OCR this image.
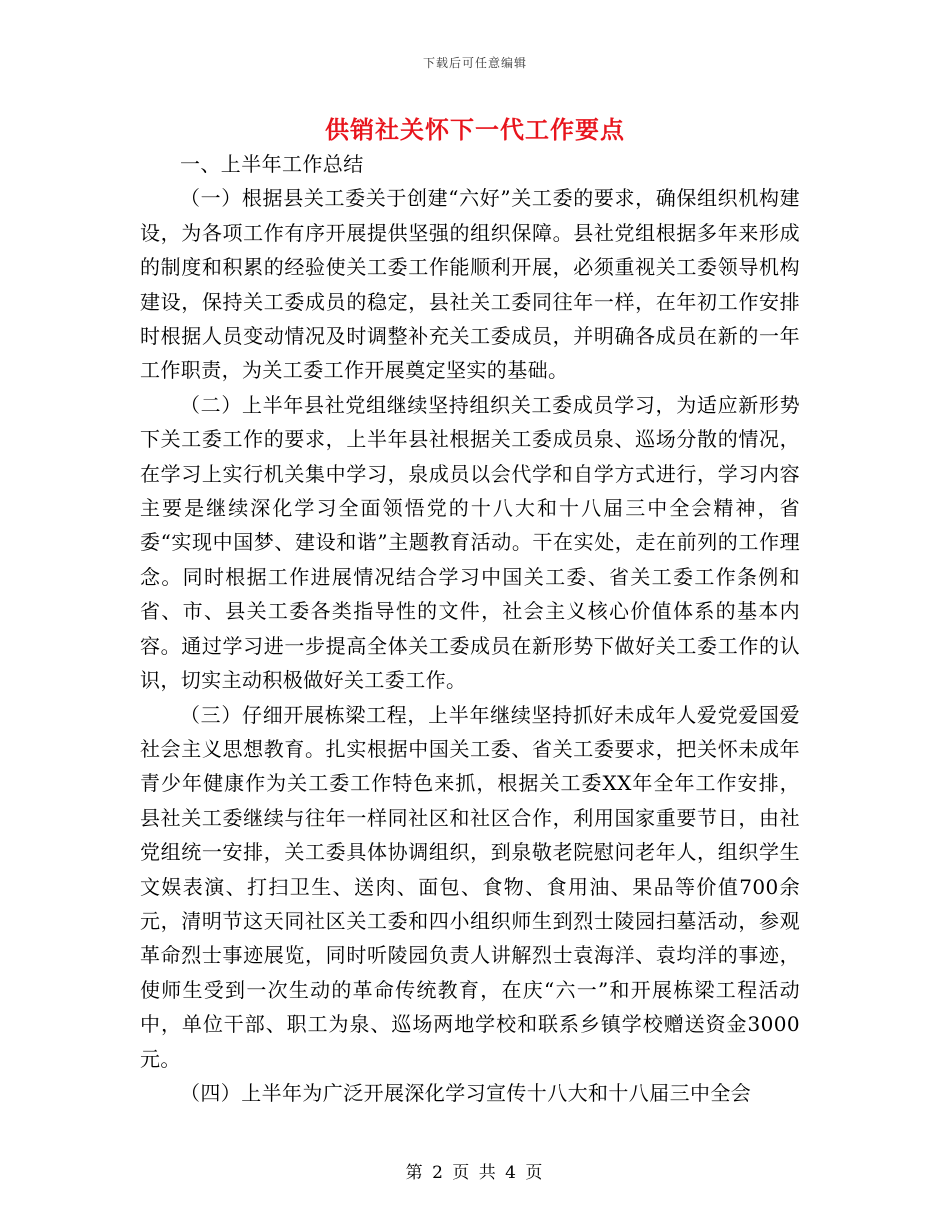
下载后可任意编辑
供销社关怀下一代工作要点

一、上半年工作总结

（一）根据县关工委关于创建“六好”关工委的要求，确保组织机构建设，为各项工作有序开展提供坚强的组织保障。县社党组根据多年来形成的制度和积累的经验使关工委工作能顺利开展，必须重视关工委领导机构建设，保持关工委成员的稳定，县社关工委同往年一样，在年初工作安排时根据人员变动情况及时调整补充关工委成员，并明确各成员在新的一年工作职责，为关工委工作开展奠定坚实的基础。

（二）上半年县社党组继续坚持组织关工委成员学习，为适应新形势下关工委工作的要求，上半年县社根据关工委成员泉、巡场分散的情况，在学习上实行机关集中学习，泉成员以会代学和自学方式进行，学习内容主要是继续深化学习全面领悟党的十八大和十八届三中全会精神，省委“实现中国梦、建设和谐”主题教育活动。干在实处，走在前列的工作理念。同时根据工作进展情况结合学习中国关工委、省关工委工作条例和省、市、县关工委各类指导性的文件，社会主义核心价值体系的基本内容。通过学习进一步提高全体关工委成员在新形势下做好关工委工作的认识，切实主动积极做好关工委工作。

（三）仔细开展栋梁工程，上半年继续坚持抓好未成年人爱党爱国爱社会主义思想教育。扎实根据中国关工委、省关工委要求，把关怀未成年青少年健康作为关工委工作特色来抓，根据关工委XX年全年工作安排，县社关工委继续与往年一样同社区和社区合作，利用国家重要节日，由社党组统一安排，关工委具体协调组织，到泉敬老院慰问老年人，组织学生文娱表演、打扫卫生、送肉、面包、食物、食用油、果品等价值700余元，清明节这天同社区关工委和四小组织师生到烈士陵园扫墓活动，参观革命烈士事迹展览，同时听陵园负责人讲解烈士袁海洋、袁均洋的事迹，使师生受到一次生动的革命传统教育，在庆“六一”和开展栋梁工程活动中，单位干部、职工为泉、巡场两地学校和联系乡镇学校赠送资金3000元。

（四）上半年为广泛开展深化学习宣传十八大和十八届三中全会

第 2 页 共 4 页
